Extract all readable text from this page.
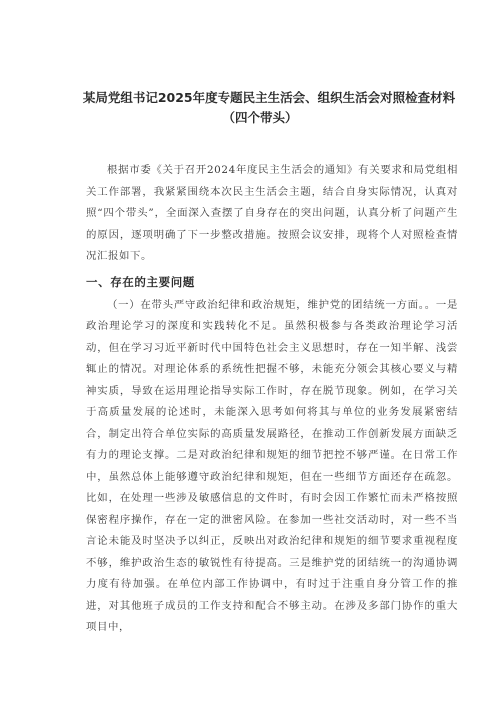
某局党组书记2025年度专题民主生活会、组织生活会对照检查材料
（四个带头）

根据市委《关于召开2024年度民主生活会的通知》有关要求和局党组相关工作部署，我紧紧围绕本次民主生活会主题，结合自身实际情况，认真对照“四个带头”，全面深入查摆了自身存在的突出问题，认真分析了问题产生的原因，逐项明确了下一步整改措施。按照会议安排，现将个人对照检查情况汇报如下。

一、存在的主要问题

（一）在带头严守政治纪律和政治规矩，维护党的团结统一方面。。一是政治理论学习的深度和实践转化不足。虽然积极参与各类政治理论学习活动，但在学习习近平新时代中国特色社会主义思想时，存在一知半解、浅尝辄止的情况。对理论体系的系统性把握不够，未能充分领会其核心要义与精神实质，导致在运用理论指导实际工作时，存在脱节现象。例如，在学习关于高质量发展的论述时，未能深入思考如何将其与单位的业务发展紧密结合，制定出符合单位实际的高质量发展路径，在推动工作创新发展方面缺乏有力的理论支撑。二是对政治纪律和规矩的细节把控不够严谨。在日常工作中，虽然总体上能够遵守政治纪律和规矩，但在一些细节方面还存在疏忽。比如，在处理一些涉及敏感信息的文件时，有时会因工作繁忙而未严格按照保密程序操作，存在一定的泄密风险。在参加一些社交活动时，对一些不当言论未能及时坚决予以纠正，反映出对政治纪律和规矩的细节要求重视程度不够，维护政治生态的敏锐性有待提高。三是维护党的团结统一的沟通协调力度有待加强。在单位内部工作协调中，有时过于注重自身分管工作的推进，对其他班子成员的工作支持和配合不够主动。在涉及多部门协作的重大项目中，
